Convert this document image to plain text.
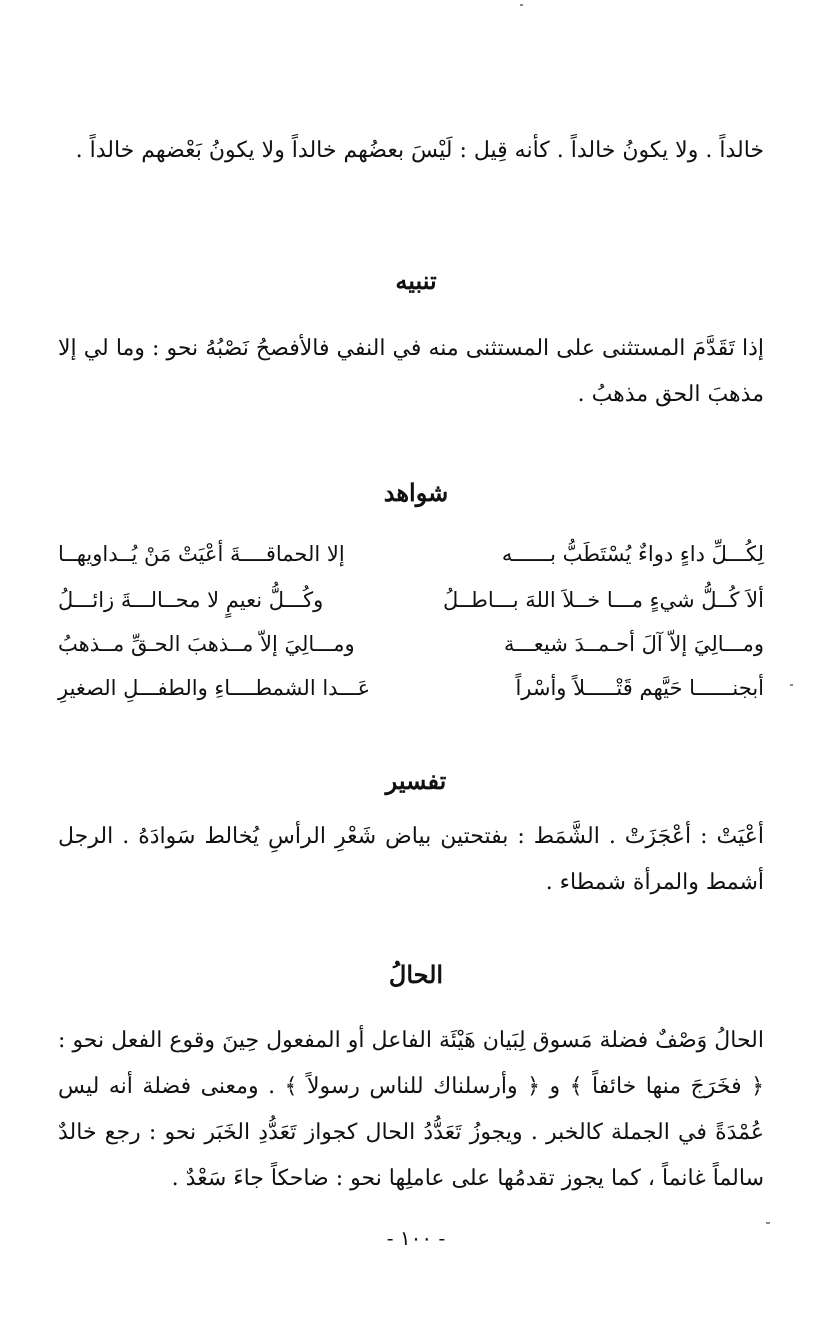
خالداً . ولا يكونُ خالداً . كأنه قِيل : لَيْسَ بعضُهم خالداً ولا يكونُ بَعْضهم خالداً .
تنبيه
إذا تَقَدَّمَ المستثنى على المستثنى منه في النفي فالأفصحُ نَصْبُهُ نحو : وما لي إلا مذهبَ الحق مذهبُ .
شواهد
لِكُـــلِّ داءٍ دواءٌ يُسْتَطَبُّ بــــــه
إلا الحماقــــةَ أعْيَتْ مَنْ يُــداويهــا
ألاَ كُــلُّ شيءٍ مـــا خــلاَ اللهَ بـــاطــلُ
وكُـــلُّ نعيمٍ لا محــالـــةَ زائـــلُ
ومـــالِيَ إلاّ آلَ أحـمــدَ شيعـــة
ومـــالِيَ إلاّ مــذهبَ الحـقِّ مــذهبُ
أبجنــــــا حَيَّهم قَتْـــــلاً وأسْراً
عَـــدا الشمطــــاءِ والطفـــلِ الصغيرِ
تفسير
أعْيَتْ : أعْجَزَتْ . الشَّمَط : بفتحتين بياض شَعْرِ الرأسِ يُخالط سَوادَهُ . الرجل أشمط والمرأة شمطاء .
الحالُ
الحالُ وَصْفٌ فضلة مَسوق لِبَيان هَيْئَة الفاعل أو المفعول حِينَ وقوع الفعل نحو : ﴿ فخَرَجَ منها خائفاً ﴾ و ﴿ وأرسلناك للناس رسولاً ﴾ . ومعنى فضلة أنه ليس عُمْدَةً في الجملة كالخبر . ويجوزُ تَعَدُّدُ الحال كجواز تَعَدُّدِ الخَبَر نحو : رجع خالدٌ سالماً غانماً ، كما يجوز تقدمُها على عاملِها نحو : ضاحكاً جاءَ سَعْدٌ .
- ١٠٠ -
